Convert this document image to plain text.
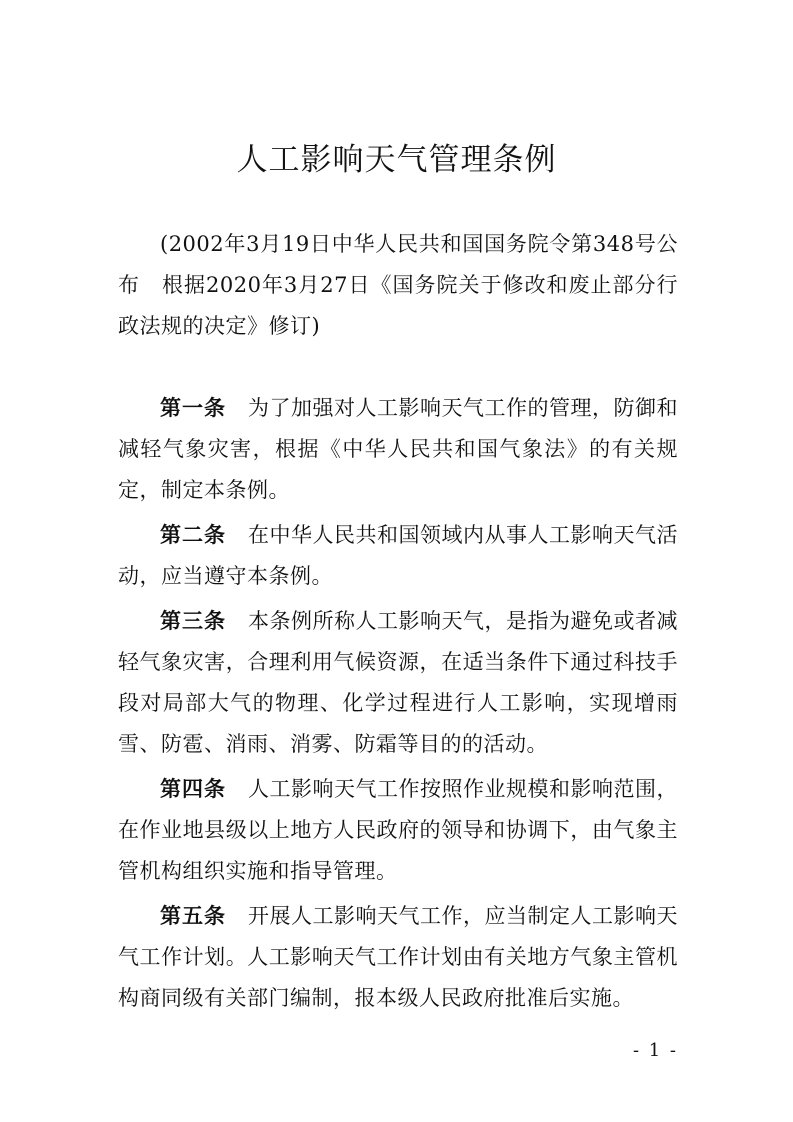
人工影响天气管理条例

(2002年3月19日中华人民共和国国务院令第348号公布　根据2020年3月27日《国务院关于修改和废止部分行政法规的决定》修订)

第一条 为了加强对人工影响天气工作的管理，防御和减轻气象灾害，根据《中华人民共和国气象法》的有关规定，制定本条例。

第二条 在中华人民共和国领域内从事人工影响天气活动，应当遵守本条例。

第三条 本条例所称人工影响天气，是指为避免或者减轻气象灾害，合理利用气候资源，在适当条件下通过科技手段对局部大气的物理、化学过程进行人工影响，实现增雨雪、防雹、消雨、消雾、防霜等目的的活动。

第四条 人工影响天气工作按照作业规模和影响范围，在作业地县级以上地方人民政府的领导和协调下，由气象主管机构组织实施和指导管理。

第五条 开展人工影响天气工作，应当制定人工影响天气工作计划。人工影响天气工作计划由有关地方气象主管机构商同级有关部门编制，报本级人民政府批准后实施。

- 1 -
